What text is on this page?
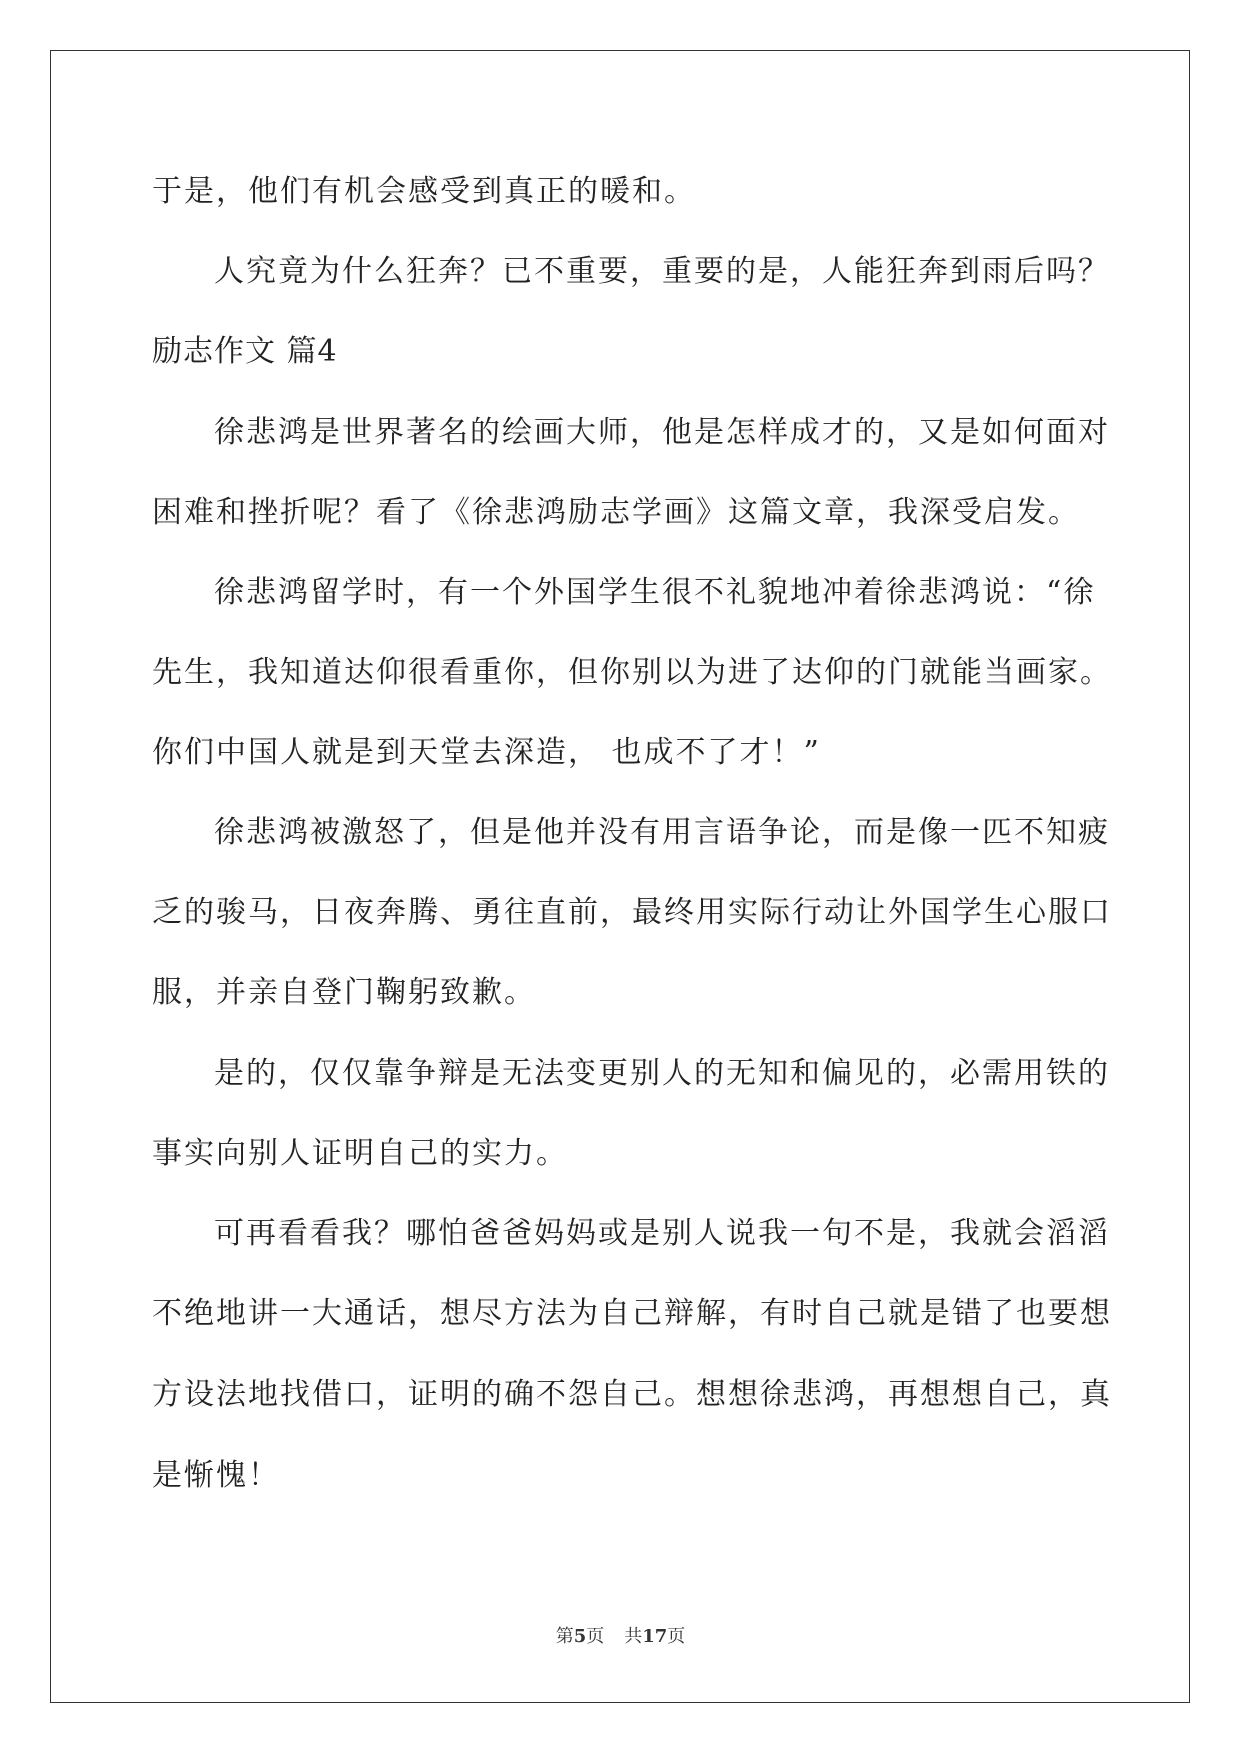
于是，他们有机会感受到真正的暖和。
人究竟为什么狂奔？已不重要，重要的是，人能狂奔到雨后吗？
励志作文 篇4
徐悲鸿是世界著名的绘画大师，他是怎样成才的，又是如何面对
困难和挫折呢？看了《徐悲鸿励志学画》这篇文章，我深受启发。
徐悲鸿留学时，有一个外国学生很不礼貌地冲着徐悲鸿说：“徐
先生，我知道达仰很看重你，但你别以为进了达仰的门就能当画家。
你们中国人就是到天堂去深造， 也成不了才！”
徐悲鸿被激怒了，但是他并没有用言语争论，而是像一匹不知疲
乏的骏马，日夜奔腾、勇往直前，最终用实际行动让外国学生心服口
服，并亲自登门鞠躬致歉。
是的，仅仅靠争辩是无法变更别人的无知和偏见的，必需用铁的
事实向别人证明自己的实力。
可再看看我？哪怕爸爸妈妈或是别人说我一句不是，我就会滔滔
不绝地讲一大通话，想尽方法为自己辩解，有时自己就是错了也要想
方设法地找借口，证明的确不怨自己。想想徐悲鸿，再想想自己，真
是惭愧！
第5页 共17页
